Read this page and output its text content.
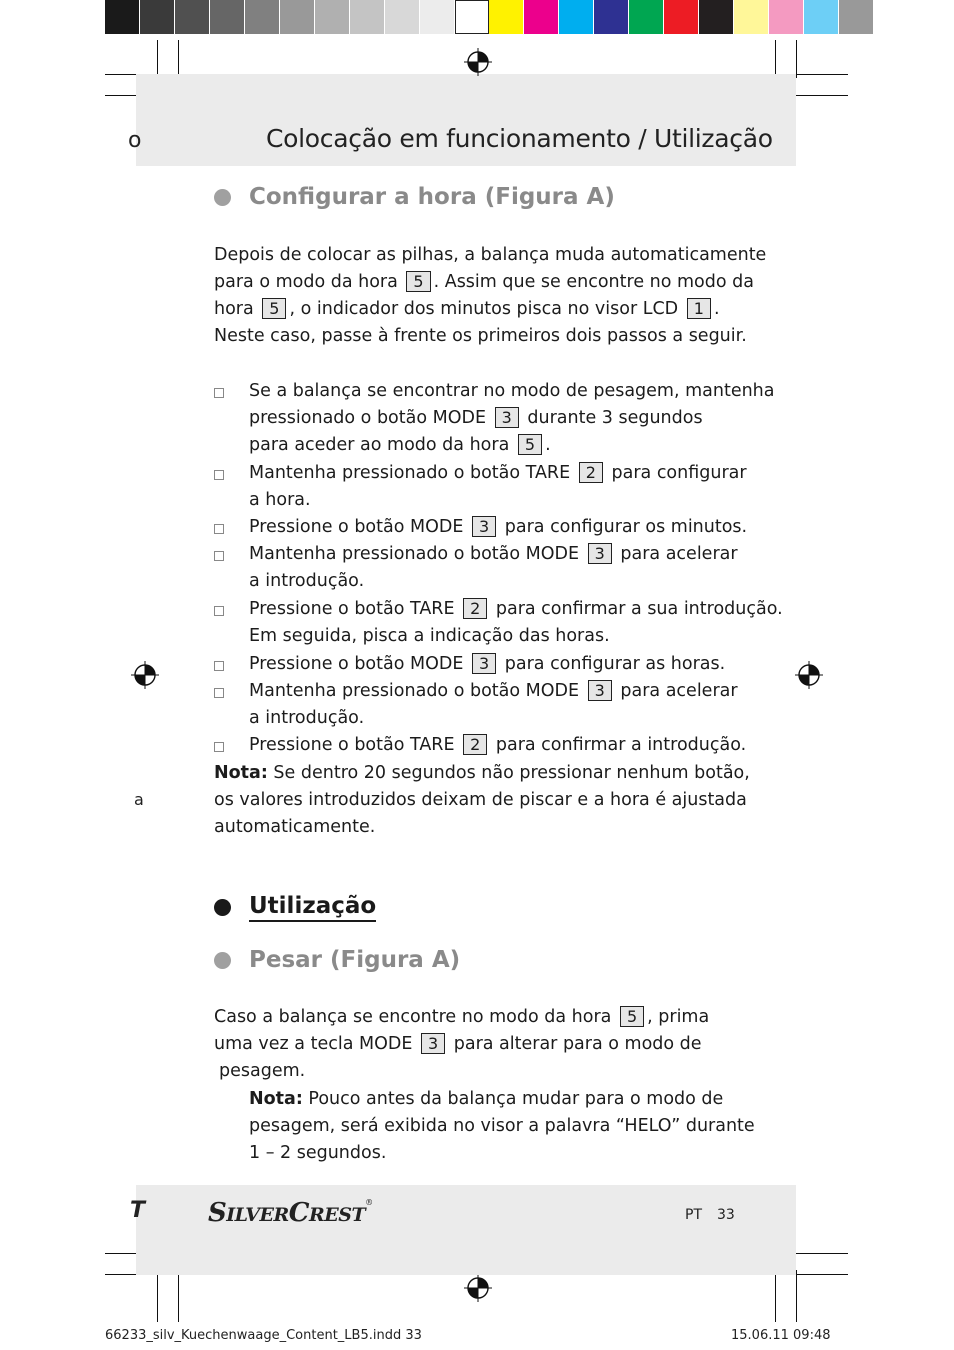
o	Colocação em funcionamento / Utilização
Configurar a hora (Figura A)
Depois de colocar as pilhas, a balança muda automaticamente
para o modo da hora 5 . Assim que se encontre no modo da
hora 5 , o indicador dos minutos pisca no visor LCD 1 .
Neste caso, passe à frente os primeiros dois passos a seguir.
Se a balança se encontrar no modo de pesagem, mantenha
pressionado o botão MODE 3 durante 3 segundos
para aceder ao modo da hora 5 .
Mantenha pressionado o botão TARE 2 para configurar
a hora.
Pressione o botão MODE 3 para configurar os minutos.
Mantenha pressionado o botão MODE 3 para acelerar
a introdução.
Pressione o botão TARE 2 para confirmar a sua introdução.
Em seguida, pisca a indicação das horas.
Pressione o botão MODE 3 para configurar as horas.
Mantenha pressionado o botão MODE 3 para acelerar
a introdução.
Pressione o botão TARE 2 para confirmar a introdução.
Nota: Se dentro 20 segundos não pressionar nenhum botão,
os valores introduzidos deixam de piscar e a hora é ajustada
automaticamente.
a
Utilização
Pesar (Figura A)
Caso a balança se encontre no modo da hora 5 , prima
uma vez a tecla MODE 3 para alterar para o modo de
pesagem.
Nota: Pouco antes da balança mudar para o modo de
pesagem, será exibida no visor a palavra “HELO” durante
1 – 2 segundos.
T SILVERCREST®
PT 33
66233_silv_Kuechenwaage_Content_LB5.indd 33	15.06.11 09:48
